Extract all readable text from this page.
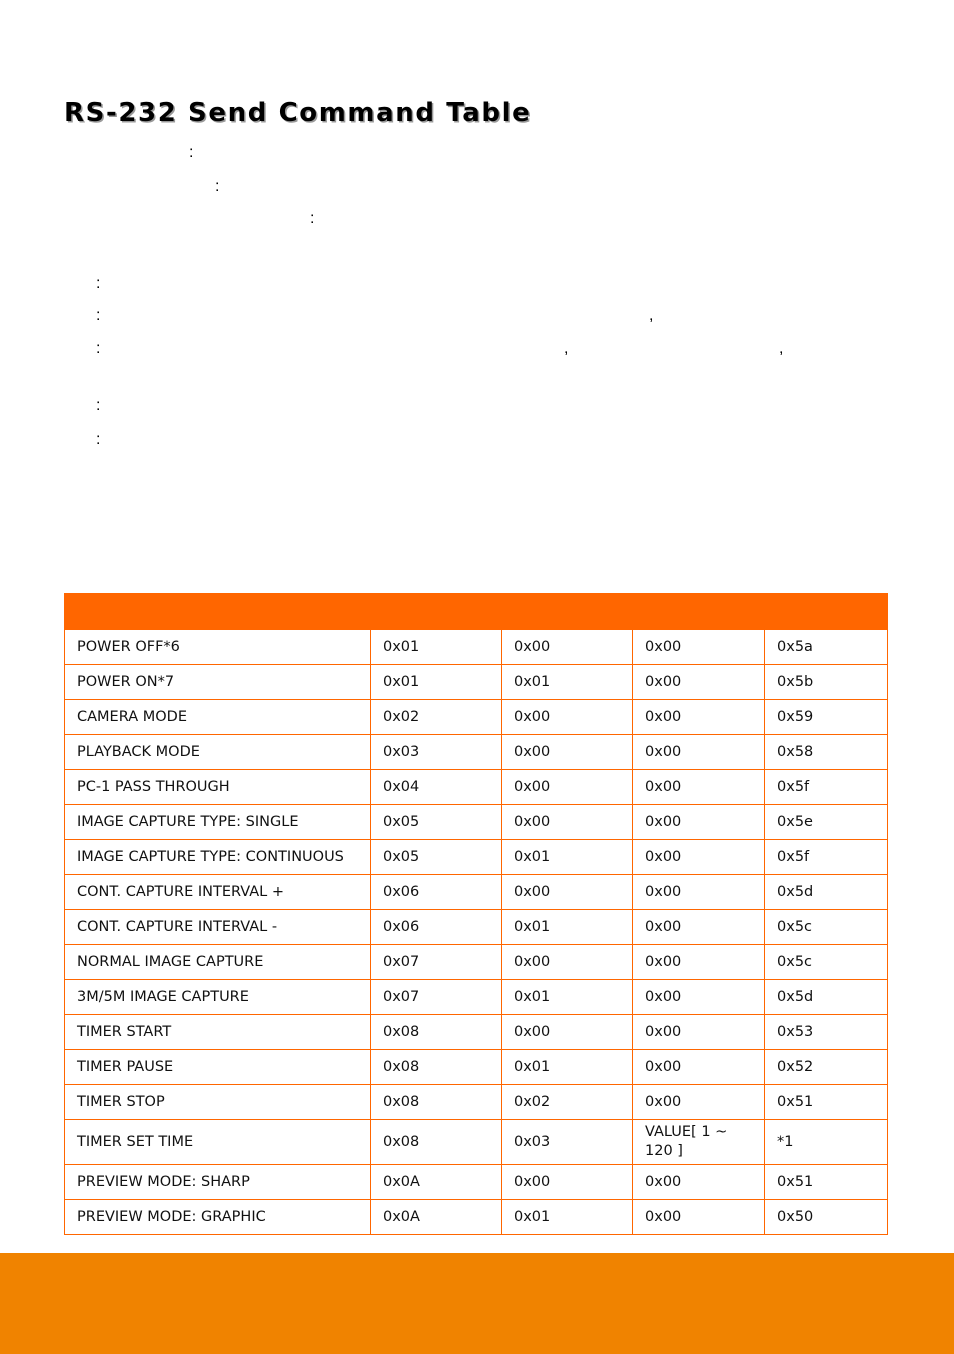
RS-232 Send Command Table
:
:
:
:
:	,
:	,	,
:
:

POWER OFF*6	0x01	0x00	0x00	0x5a
POWER ON*7	0x01	0x01	0x00	0x5b
CAMERA MODE	0x02	0x00	0x00	0x59
PLAYBACK MODE	0x03	0x00	0x00	0x58
PC-1 PASS THROUGH	0x04	0x00	0x00	0x5f
IMAGE CAPTURE TYPE: SINGLE	0x05	0x00	0x00	0x5e
IMAGE CAPTURE TYPE: CONTINUOUS	0x05	0x01	0x00	0x5f
CONT. CAPTURE INTERVAL +	0x06	0x00	0x00	0x5d
CONT. CAPTURE INTERVAL -	0x06	0x01	0x00	0x5c
NORMAL IMAGE CAPTURE	0x07	0x00	0x00	0x5c
3M/5M IMAGE CAPTURE	0x07	0x01	0x00	0x5d
TIMER START	0x08	0x00	0x00	0x53
TIMER PAUSE	0x08	0x01	0x00	0x52
TIMER STOP	0x08	0x02	0x00	0x51
TIMER SET TIME	0x08	0x03	VALUE[ 1 ~ 120 ]	*1
PREVIEW MODE: SHARP	0x0A	0x00	0x00	0x51
PREVIEW MODE: GRAPHIC	0x0A	0x01	0x00	0x50
